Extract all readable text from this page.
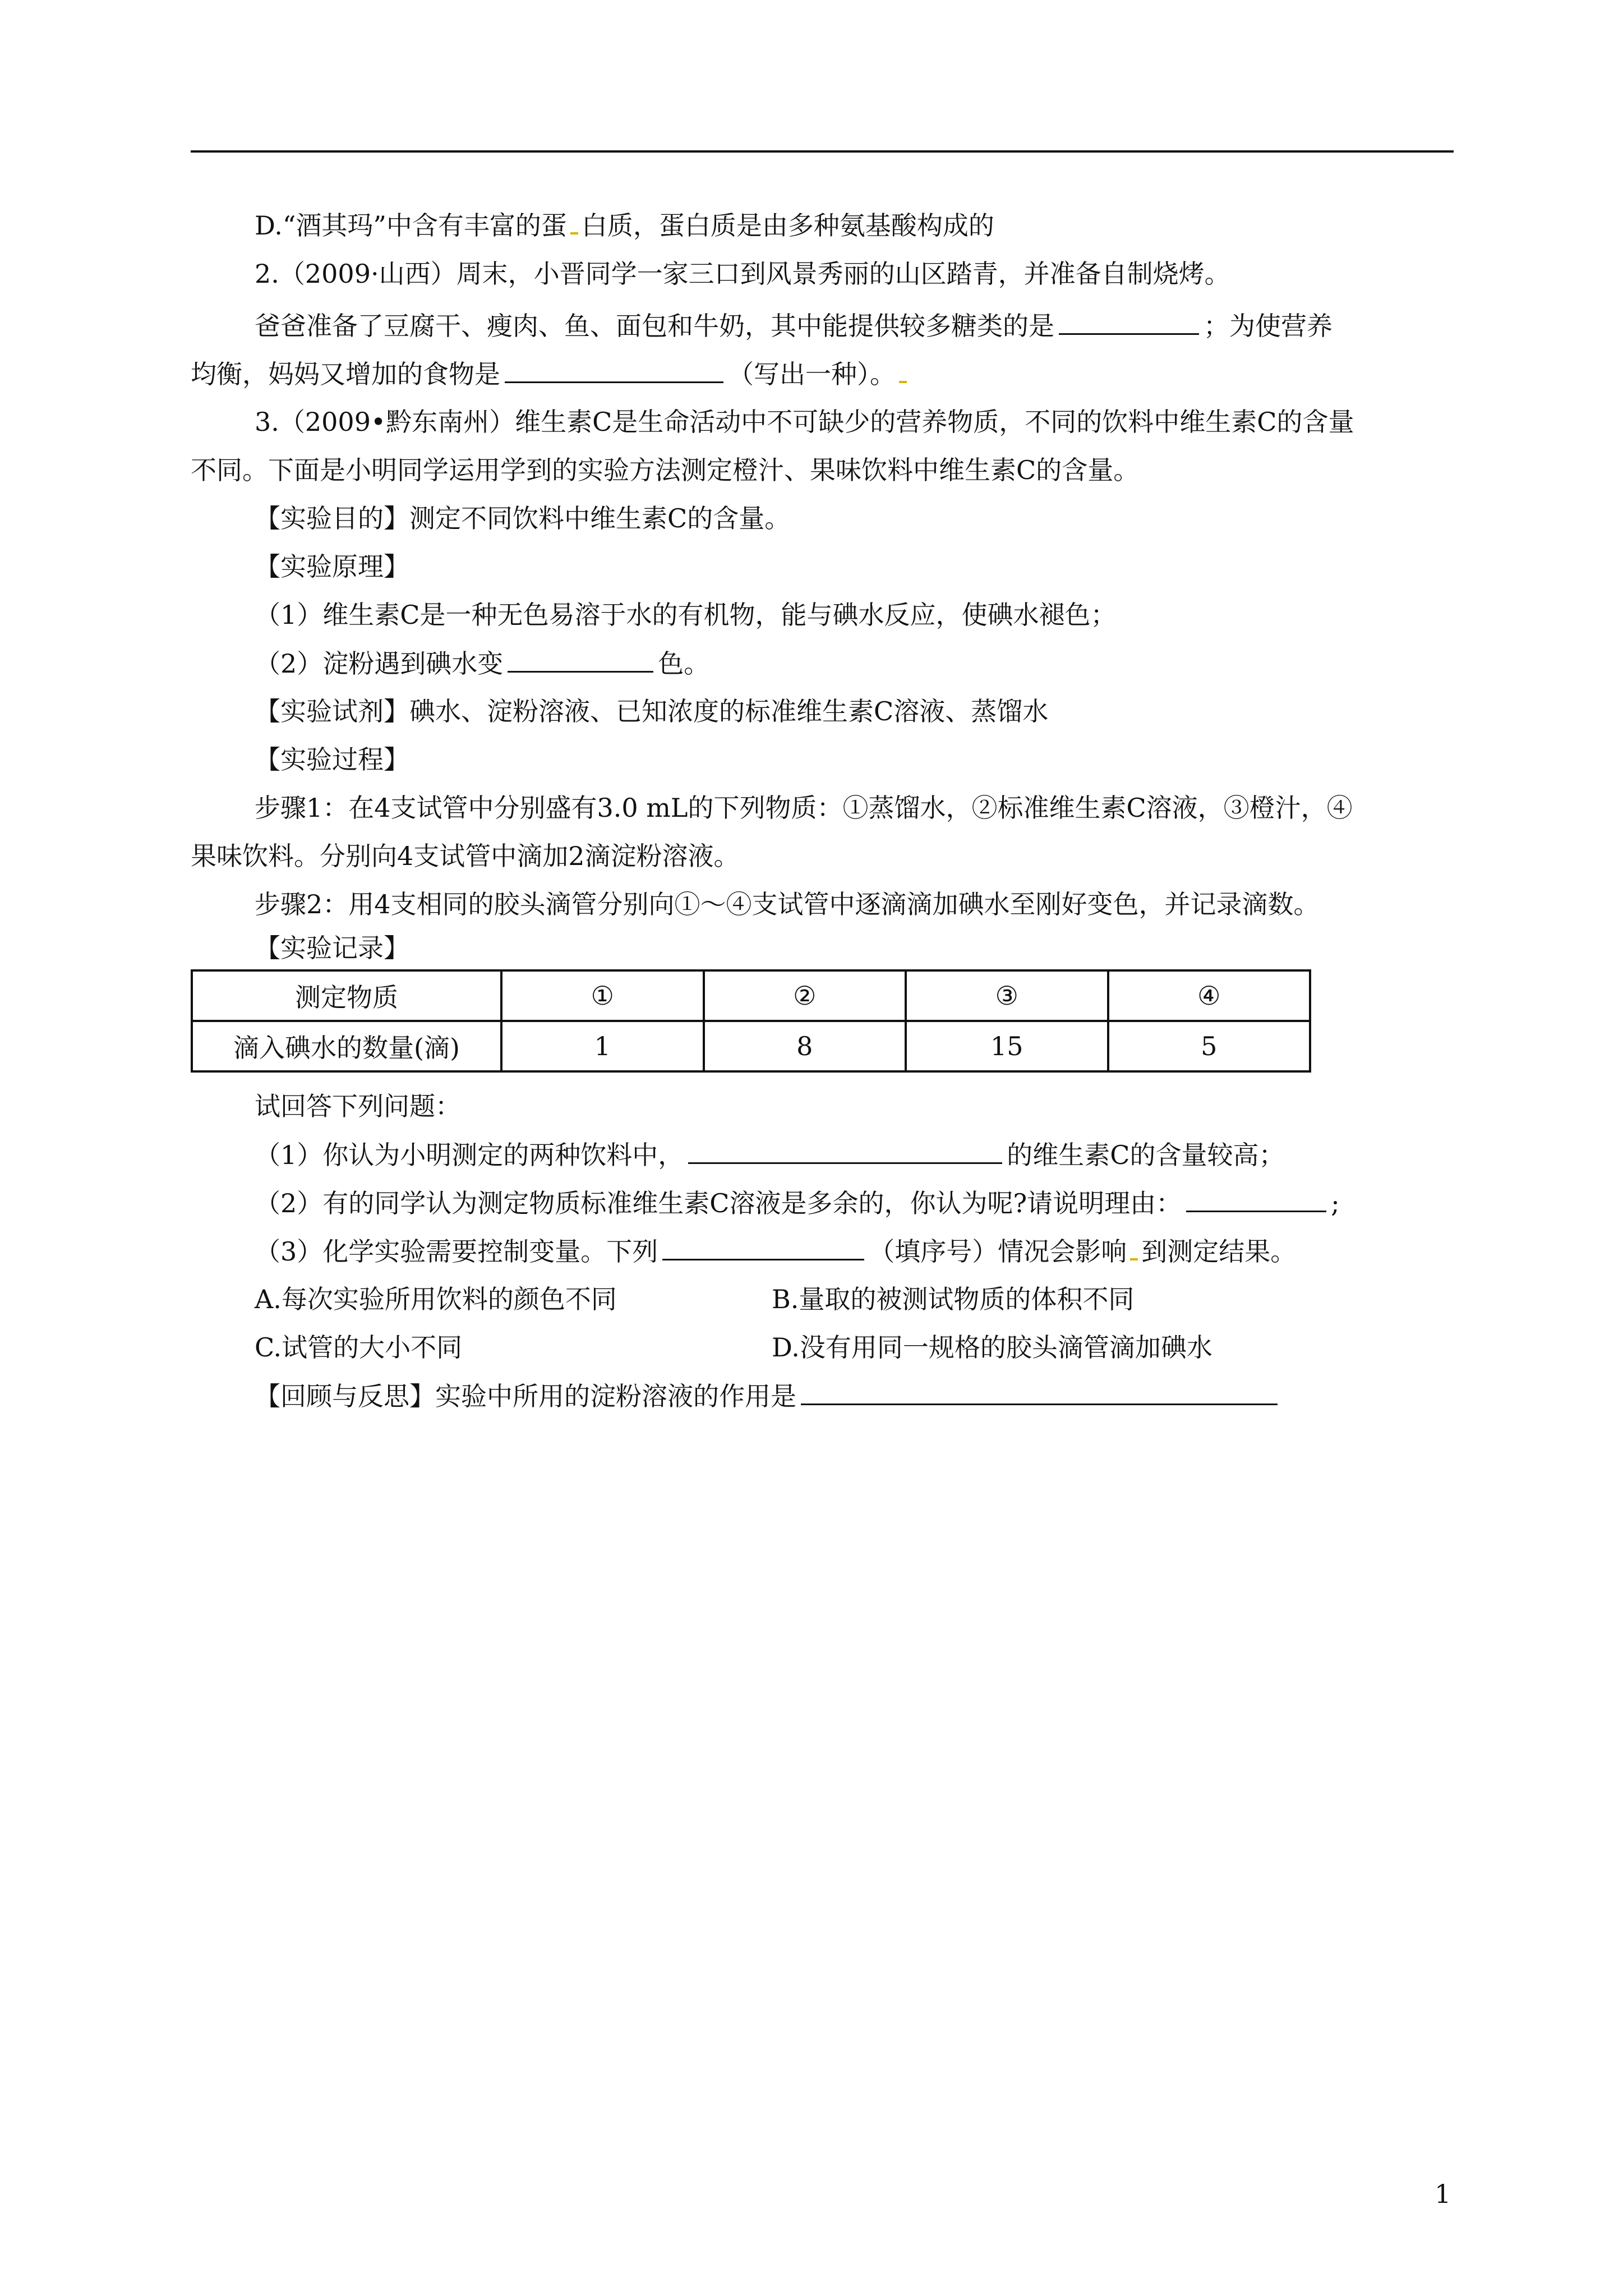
D.“酒其玛”中含有丰富的蛋 白质，蛋白质是由多种氨基酸构成的
2.（2009·山西）周末，小晋同学一家三口到风景秀丽的山区踏青，并准备自制烧烤。
爸爸准备了豆腐干、瘦肉、鱼、面包和牛奶，其中能提供较多糖类的是	；为使营养
均衡，妈妈又增加的食物是	（写出一种）。
3.（2009•黔东南州）维生素C是生命活动中不可缺少的营养物质，不同的饮料中维生素C的含量
不同。下面是小明同学运用学到的实验方法测定橙汁、果味饮料中维生素C的含量。
【实验目的】测定不同饮料中维生素C的含量。
【实验原理】
（1）维生素C是一种无色易溶于水的有机物，能与碘水反应，使碘水褪色；
（2）淀粉遇到碘水变	色。
【实验试剂】碘水、淀粉溶液、已知浓度的标准维生素C溶液、蒸馏水
【实验过程】
步骤1：在4支试管中分别盛有3.0 mL的下列物质：①蒸馏水，②标准维生素C溶液，③橙汁，④
果味饮料。分别向4支试管中滴加2滴淀粉溶液。
步骤2：用4支相同的胶头滴管分别向①～④支试管中逐滴滴加碘水至刚好变色，并记录滴数。
【实验记录】
测定物质	①	②	③	④
滴入碘水的数量(滴)	1	8	15	5
试回答下列问题：
（1）你认为小明测定的两种饮料中，	的维生素C的含量较高；
（2）有的同学认为测定物质标准维生素C溶液是多余的，你认为呢?请说明理由：	;
（3）化学实验需要控制变量。下列	（填序号）情况会影响 到测定结果。
A.每次实验所用饮料的颜色不同	B.量取的被测试物质的体积不同
C.试管的大小不同	D.没有用同一规格的胶头滴管滴加碘水
【回顾与反思】实验中所用的淀粉溶液的作用是
1
